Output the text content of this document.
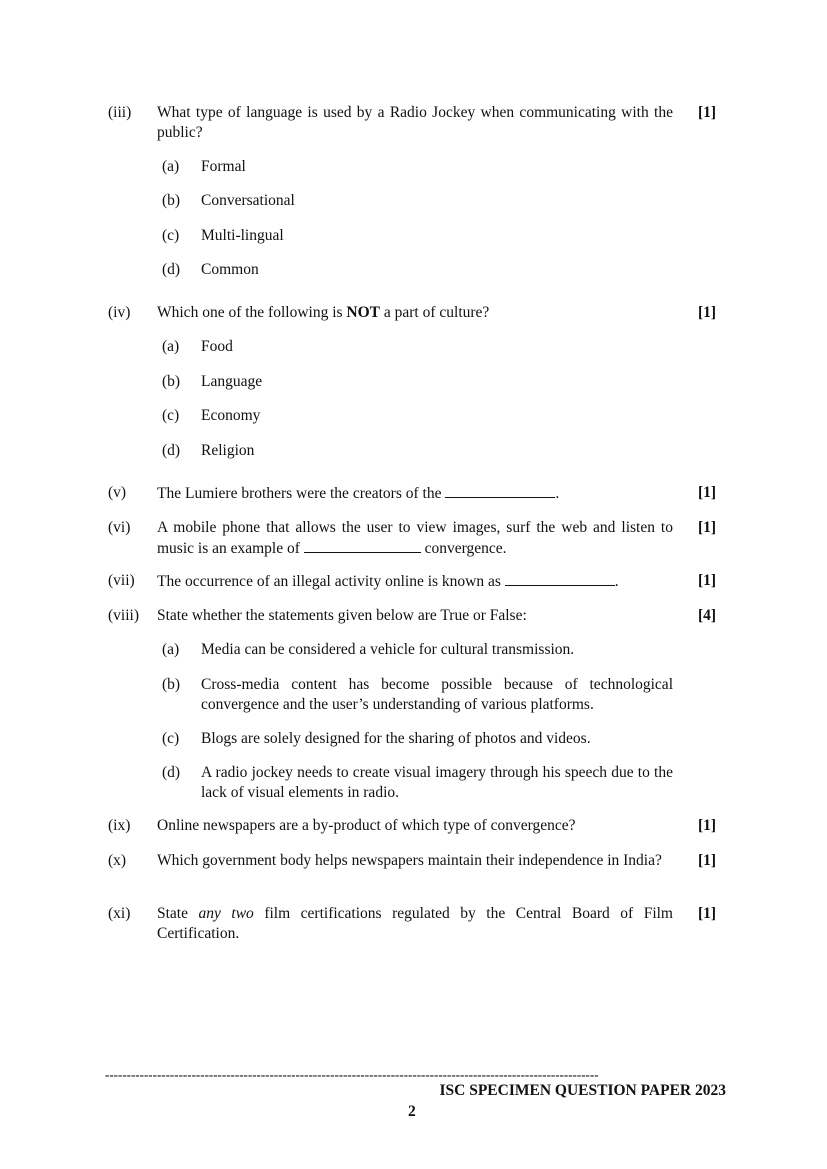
(iii) What type of language is used by a Radio Jockey when communicating with the public?
[1]
(a) Formal
(b) Conversational
(c) Multi-lingual
(d) Common
(iv) Which one of the following is NOT a part of culture?	[1]
(a) Food
(b) Language
(c) Economy
(d) Religion
(v) The Lumiere brothers were the creators of the	.	[1]
(vi) A mobile phone that allows the user to view images, surf the web and listen to music is an example of	convergence.
[1]
(vii) The occurrence of an illegal activity online is known as	.	[1]
(viii) State whether the statements given below are True or False:	[4]
(a) Media can be considered a vehicle for cultural transmission.
(b) Cross-media content has become possible because of technological convergence and the user’s understanding of various platforms.
(c) Blogs are solely designed for the sharing of photos and videos.
(d) A radio jockey needs to create visual imagery through his speech due to the lack of visual elements in radio.
(ix) Online newspapers are a by-product of which type of convergence?	[1]
(x) Which government body helps newspapers maintain their independence in India?	[1]
(xi) State any two film certifications regulated by the Central Board of Film Certification.
[1]
------------------------------------------------------------------------------------------------------------------
ISC SPECIMEN QUESTION PAPER 2023
2
